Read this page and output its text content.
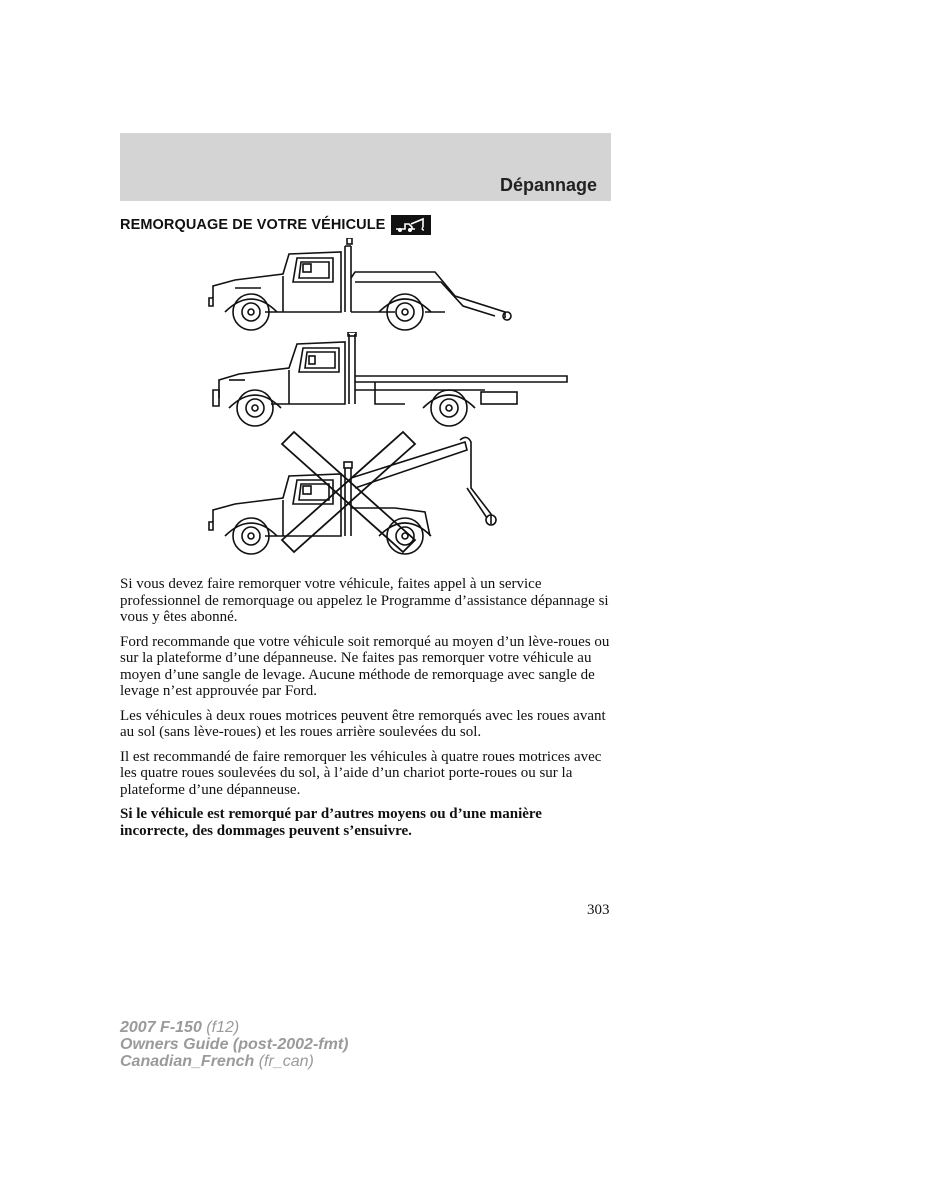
Dépannage
REMORQUAGE DE VOTRE VÉHICULE

Si vous devez faire remorquer votre véhicule, faites appel à un service professionnel de remorquage ou appelez le Programme d’assistance dépannage si vous y êtes abonné.

Ford recommande que votre véhicule soit remorqué au moyen d’un lève-roues ou sur la plateforme d’une dépanneuse. Ne faites pas remorquer votre véhicule au moyen d’une sangle de levage. Aucune méthode de remorquage avec sangle de levage n’est approuvée par Ford.

Les véhicules à deux roues motrices peuvent être remorqués avec les roues avant au sol (sans lève-roues) et les roues arrière soulevées du sol.

Il est recommandé de faire remorquer les véhicules à quatre roues motrices avec les quatre roues soulevées du sol, à l’aide d’un chariot porte-roues ou sur la plateforme d’une dépanneuse.

Si le véhicule est remorqué par d’autres moyens ou d’une manière incorrecte, des dommages peuvent s’ensuivre.

303
2007 F-150 (f12)
Owners Guide (post-2002-fmt)
Canadian_French (fr_can)
